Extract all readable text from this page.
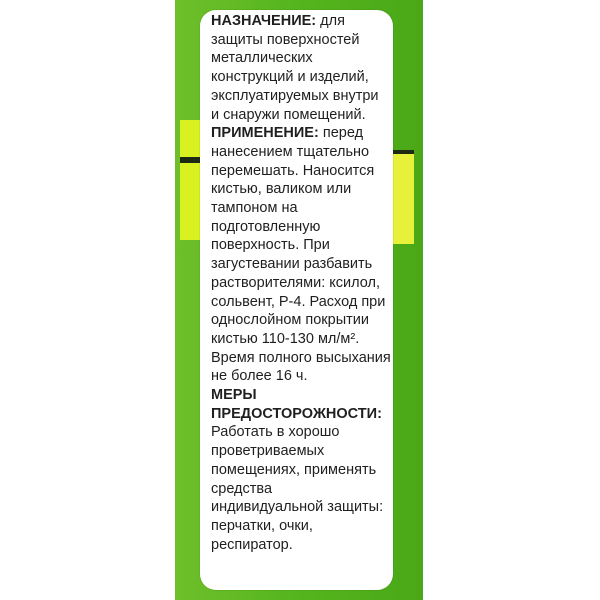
НАЗНАЧЕНИЕ: для
защиты поверхностей
металлических
конструкций и изделий,
эксплуатируемых внутри
и снаружи помещений.
ПРИМЕНЕНИЕ: перед
нанесением тщательно
перемешать. Наносится
кистью, валиком или
тампоном на
подготовленную
поверхность. При
загустевании разбавить
растворителями: ксилол,
сольвент, Р-4. Расход при
однослойном покрытии
кистью 110-130 мл/м².
Время полного высыхания
не более 16 ч.
МЕРЫ
ПРЕДОСТОРОЖНОСТИ:
Работать в хорошо
проветриваемых
помещениях, применять
средства
индивидуальной защиты:
перчатки, очки,
респиратор.
